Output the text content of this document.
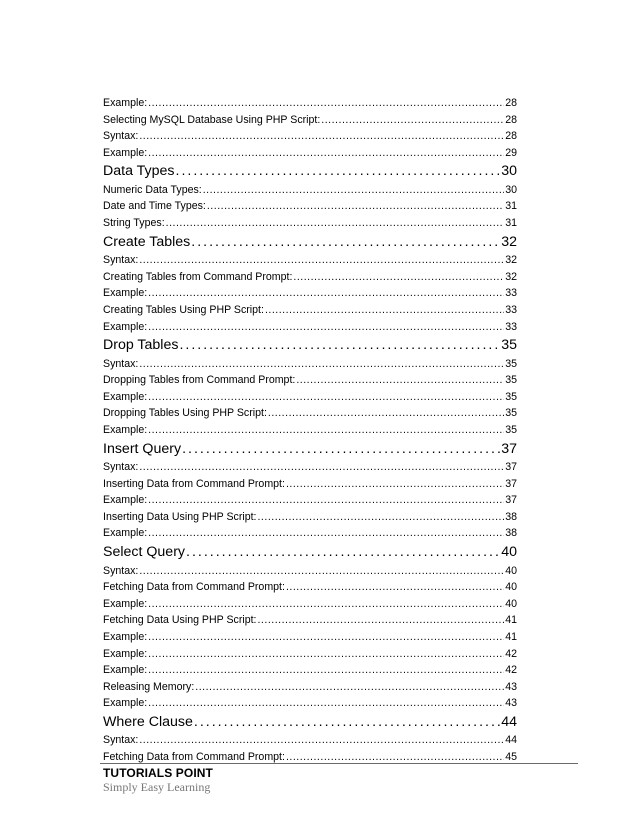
Example: .....	28
Selecting MySQL Database Using PHP Script: .....	28
Syntax: .....	28
Example: .....	29
Data Types .....	30
Numeric Data Types: .....	30
Date and Time Types: .....	31
String Types: .....	31
Create Tables .....	32
Syntax: .....	32
Creating Tables from Command Prompt: .....	32
Example: .....	33
Creating Tables Using PHP Script: .....	33
Example: .....	33
Drop Tables .....	35
Syntax: .....	35
Dropping Tables from Command Prompt: .....	35
Example: .....	35
Dropping Tables Using PHP Script: .....	35
Example: .....	35
Insert Query .....	37
Syntax: .....	37
Inserting Data from Command Prompt: .....	37
Example: .....	37
Inserting Data Using PHP Script: .....	38
Example: .....	38
Select Query .....	40
Syntax: .....	40
Fetching Data from Command Prompt: .....	40
Example: .....	40
Fetching Data Using PHP Script: .....	41
Example: .....	41
Example: .....	42
Example: .....	42
Releasing Memory: .....	43
Example: .....	43
Where Clause .....	44
Syntax: .....	44
Fetching Data from Command Prompt: .....	45
TUTORIALS POINT
Simply Easy Learning
